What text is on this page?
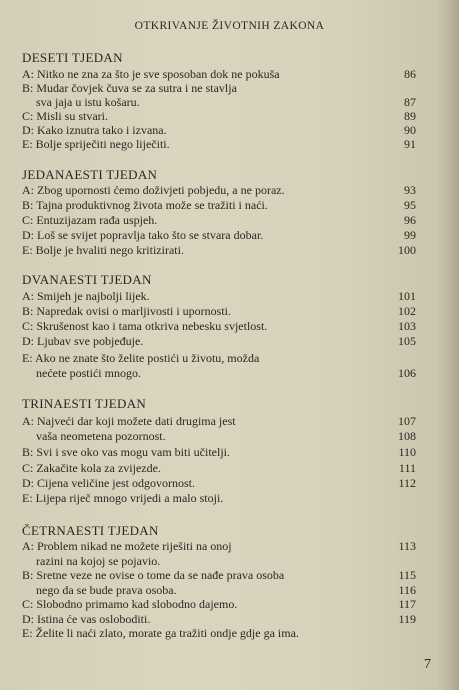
OTKRIVANJE ŽIVOTNIH ZAKONA
DESETI TJEDAN
A: Nitko ne zna za što je sve sposoban dok ne pokuša	86
B: Mudar čovjek čuva se za sutra i ne stavlja
sva jaja u istu košaru.	87
C: Misli su stvari.	89
D: Kako iznutra tako i izvana.	90
E: Bolje spriječiti nego liječiti.	91
JEDANAESTI TJEDAN
A: Zbog upornosti ćemo doživjeti pobjedu, a ne poraz.	93
B: Tajna produktivnog života može se tražiti i naći.	95
C: Entuzijazam rađa uspjeh.	96
D: Loš se svijet popravlja tako što se stvara dobar.	99
E: Bolje je hvaliti nego kritizirati.	100
DVANAESTI TJEDAN
A: Smijeh je najbolji lijek.	101
B: Napredak ovisi o marljivosti i upornosti.	102
C: Skrušenost kao i tama otkriva nebesku svjetlost.	103
D: Ljubav sve pobjeđuje.	105
E: Ako ne znate što želite postići u životu, možda
nećete postići mnogo.	106
TRINAESTI TJEDAN
A: Najveći dar koji možete dati drugima jest	107
vaša neometena pozornost.	108
B: Svi i sve oko vas mogu vam biti učitelji.	110
C: Zakačite kola za zvijezde.	111
D: Cijena veličine jest odgovornost.	112
E: Lijepa riječ mnogo vrijedi a malo stoji.
ČETRNAESTI TJEDAN
A: Problem nikad ne možete riješiti na onoj	113
razini na kojoj se pojavio.
B: Sretne veze ne ovise o tome da se nađe prava osoba	115
nego da se bude prava osoba.	116
C: Slobodno primamo kad slobodno dajemo.	117
D: Istina će vas osloboditi.	119
E: Želite li naći zlato, morate ga tražiti ondje gdje ga ima.
7
